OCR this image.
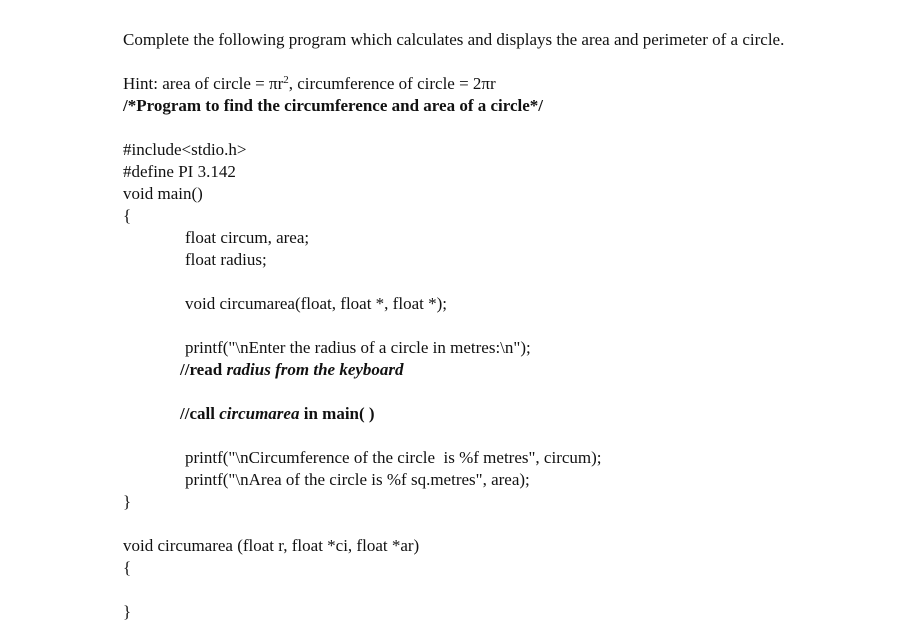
Complete the following program which calculates and displays the area and perimeter of a circle.
Hint: area of circle = $\pi r^2$, circumference of circle = 2πr
/*Program to find the circumference and area of a circle*/
#include<stdio.h>
#define PI 3.142
void main()
{
float circum, area;
float radius;
void circumarea(float, float *, float *);
printf("\nEnter the radius of a circle in metres:\n");
//read radius from the keyboard
//call circumarea in main( )
printf("\nCircumference of the circle  is %f metres", circum);
printf("\nArea of the circle is %f sq.metres", area);
}
void circumarea (float r, float *ci, float *ar)
{
}
